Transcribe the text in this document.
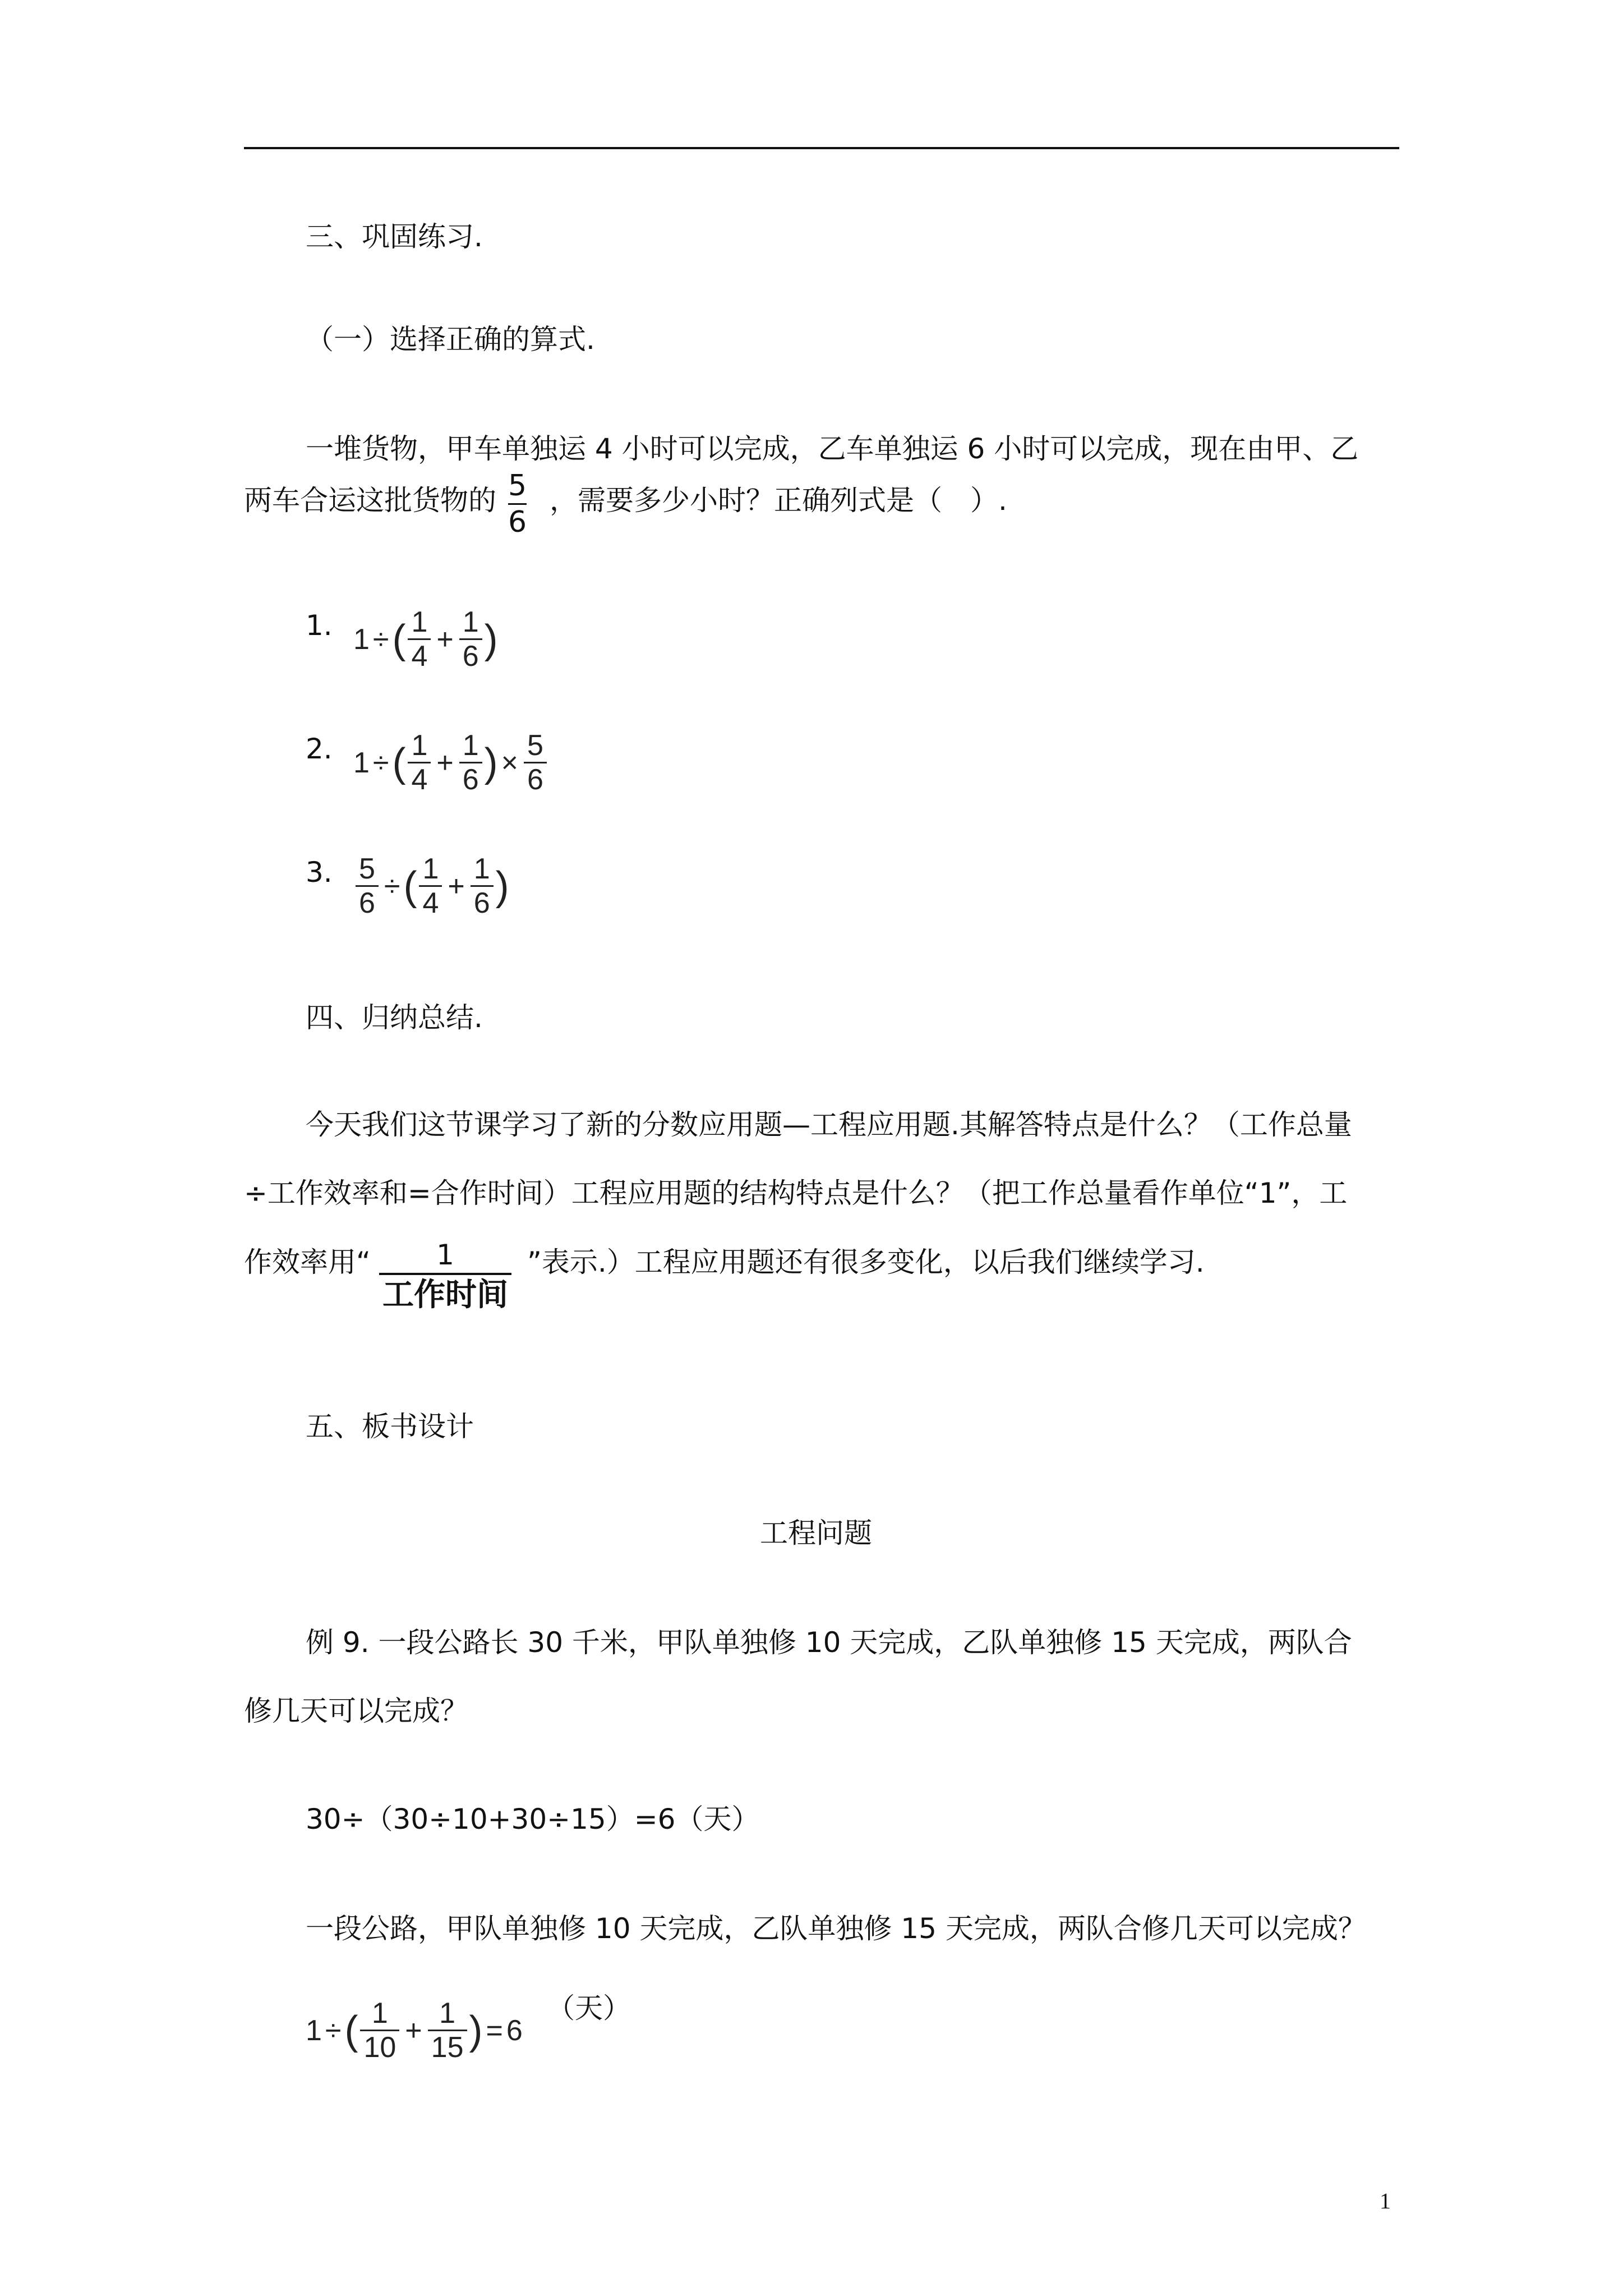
三、巩固练习.
（一）选择正确的算式.
一堆货物，甲车单独运 4 小时可以完成，乙车单独运 6 小时可以完成，现在由甲、乙
两车合运这批货物的 5
6
，需要多少小时？正确列式是（　）.
1. 1 ÷ ( $\frac{1}{4} + \frac{1}{6}$ )
2. 1 ÷ ( $\frac{1}{4} + \frac{1}{6}$ ) × $\frac{5}{6}$
3. $\frac{5}{6}$ ÷ ( $\frac{1}{4} + \frac{1}{6}$ )
四、归纳总结.
今天我们这节课学习了新的分数应用题—工程应用题.其解答特点是什么？（工作总量
÷工作效率和=合作时间）工程应用题的结构特点是什么？（把工作总量看作单位“1”，工
作效率用“ 1
工作时间
”表示.）工程应用题还有很多变化，以后我们继续学习.
五、板书设计
工程问题
例 9. 一段公路长 30 千米，甲队单独修 10 天完成，乙队单独修 15 天完成，两队合
修几天可以完成？
30÷（30÷10+30÷15）=6（天）
一段公路，甲队单独修 10 天完成，乙队单独修 15 天完成，两队合修几天可以完成？
1 ÷ ( $\frac{1}{10} + \frac{1}{15}$ ) = 6
（天）
1
